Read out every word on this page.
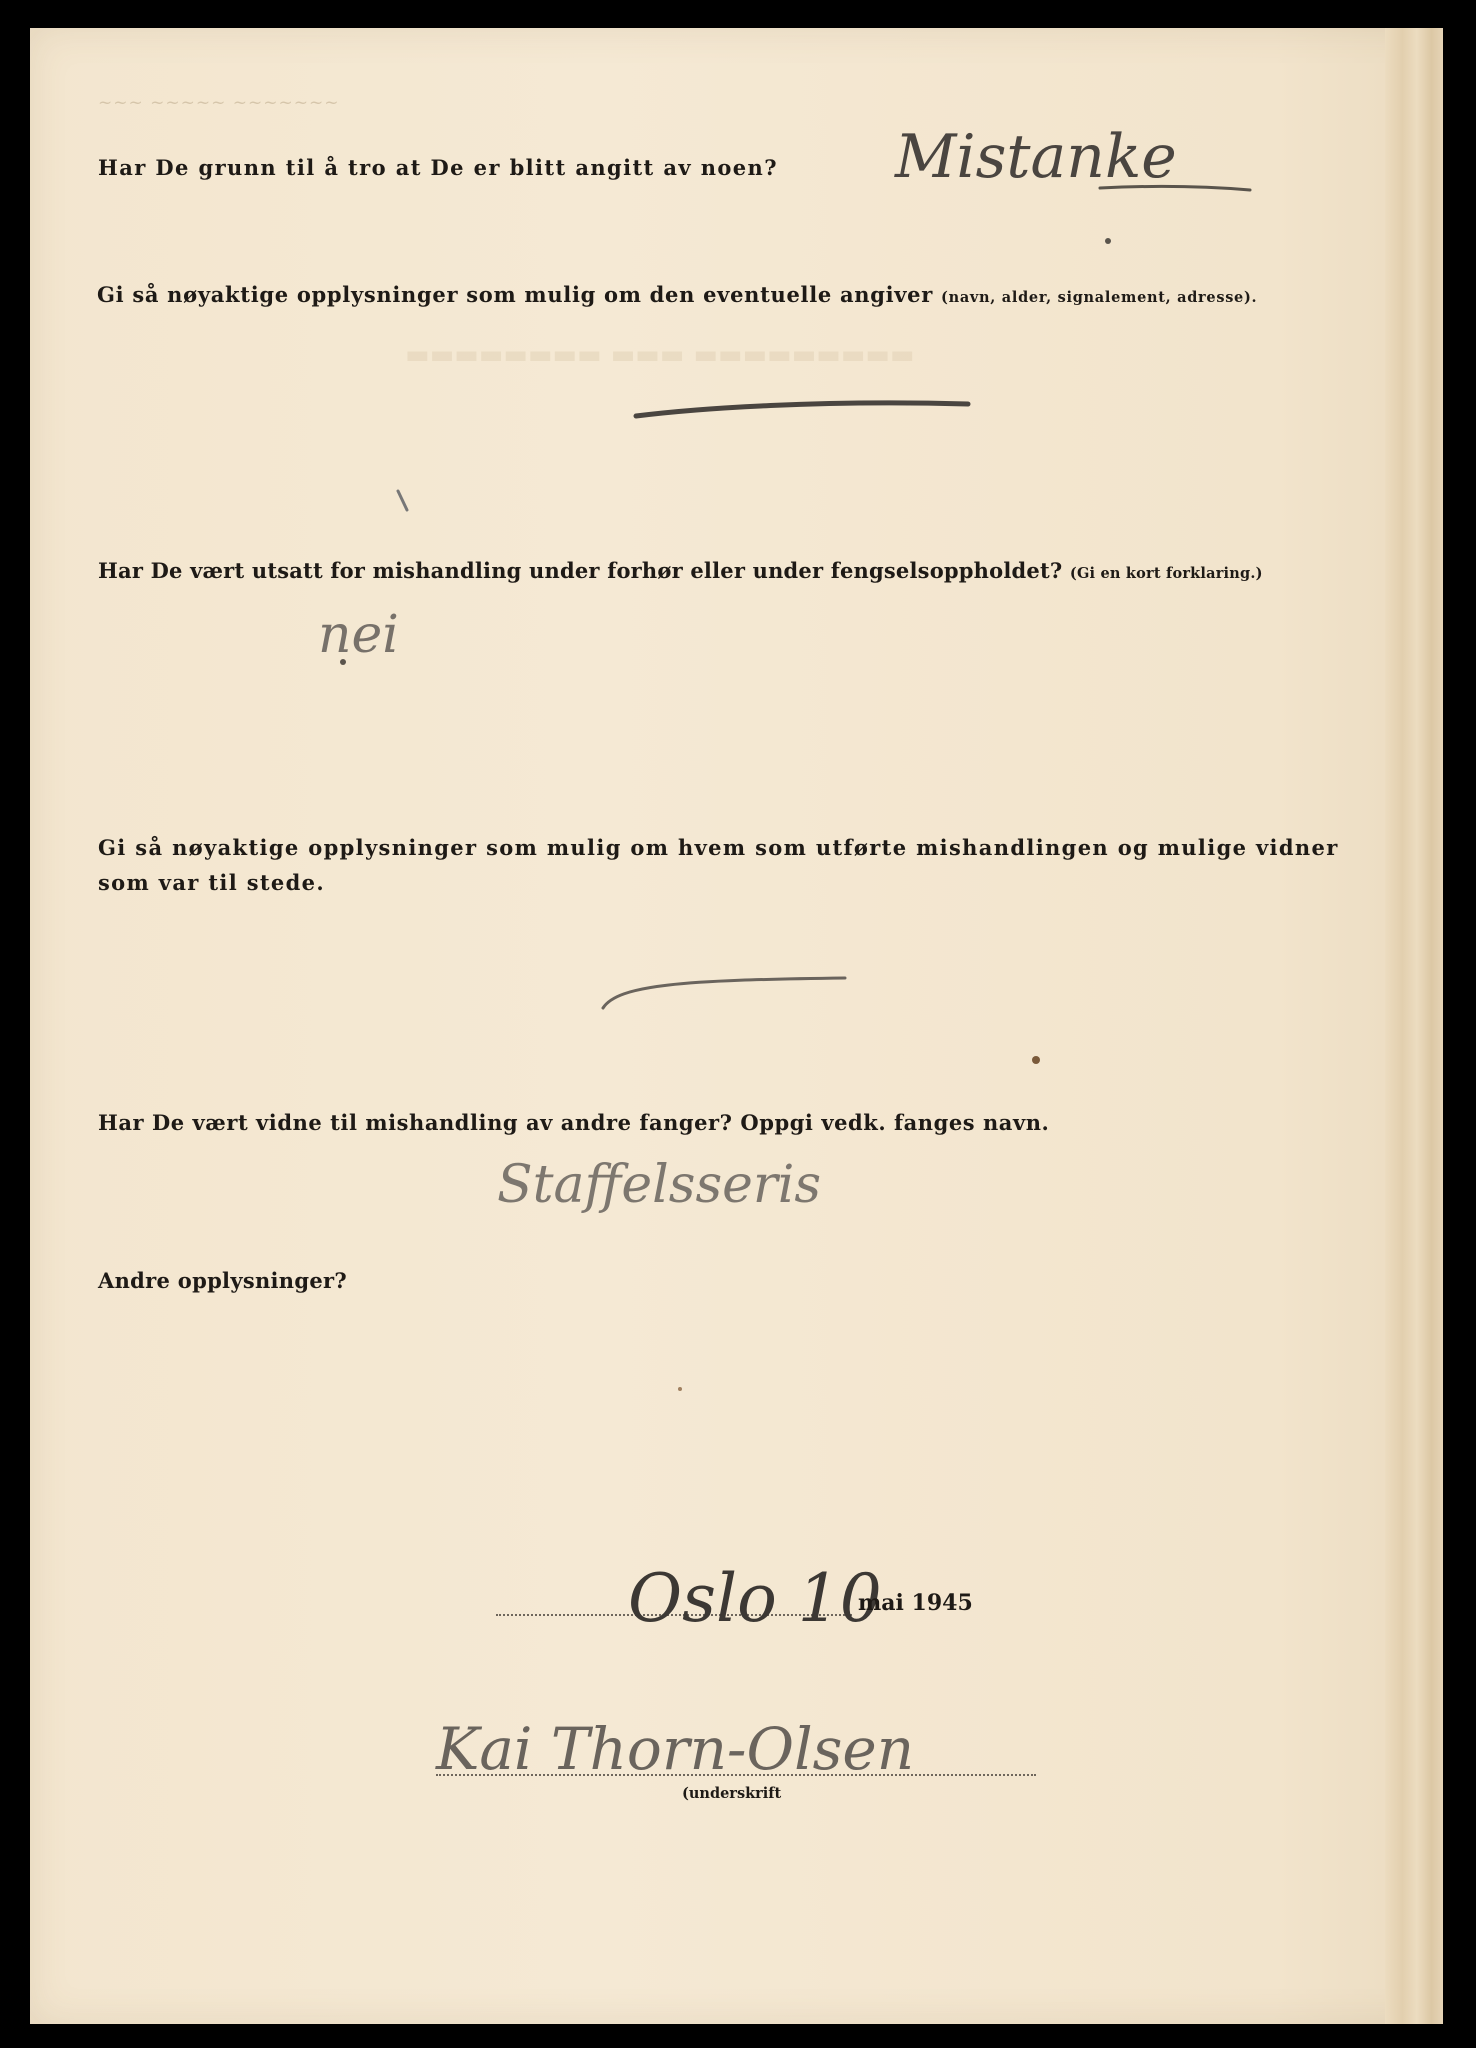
~~~ ~~~~~ ~~~~~~~
▬▬▬▬▬▬▬▬ ▬▬▬ ▬▬▬▬▬▬▬▬▬
Har De grunn til å tro at De er blitt angitt av noen?
Gi så nøyaktige opplysninger som mulig om den eventuelle angiver (navn, alder, signalement, adresse).
Har De vært utsatt for mishandling under forhør eller under fengselsoppholdet? (Gi en kort forklaring.)
Gi så nøyaktige opplysninger som mulig om hvem som utførte mishandlingen og mulige vidner som var til stede.
Har De vært vidne til mishandling av andre fanger? Oppgi vedk. fanges navn.
Andre opplysninger?
Mistanke
nei
Staffelsseris
Oslo 10
mai 1945
Kai Thorn-Olsen
(underskrift
